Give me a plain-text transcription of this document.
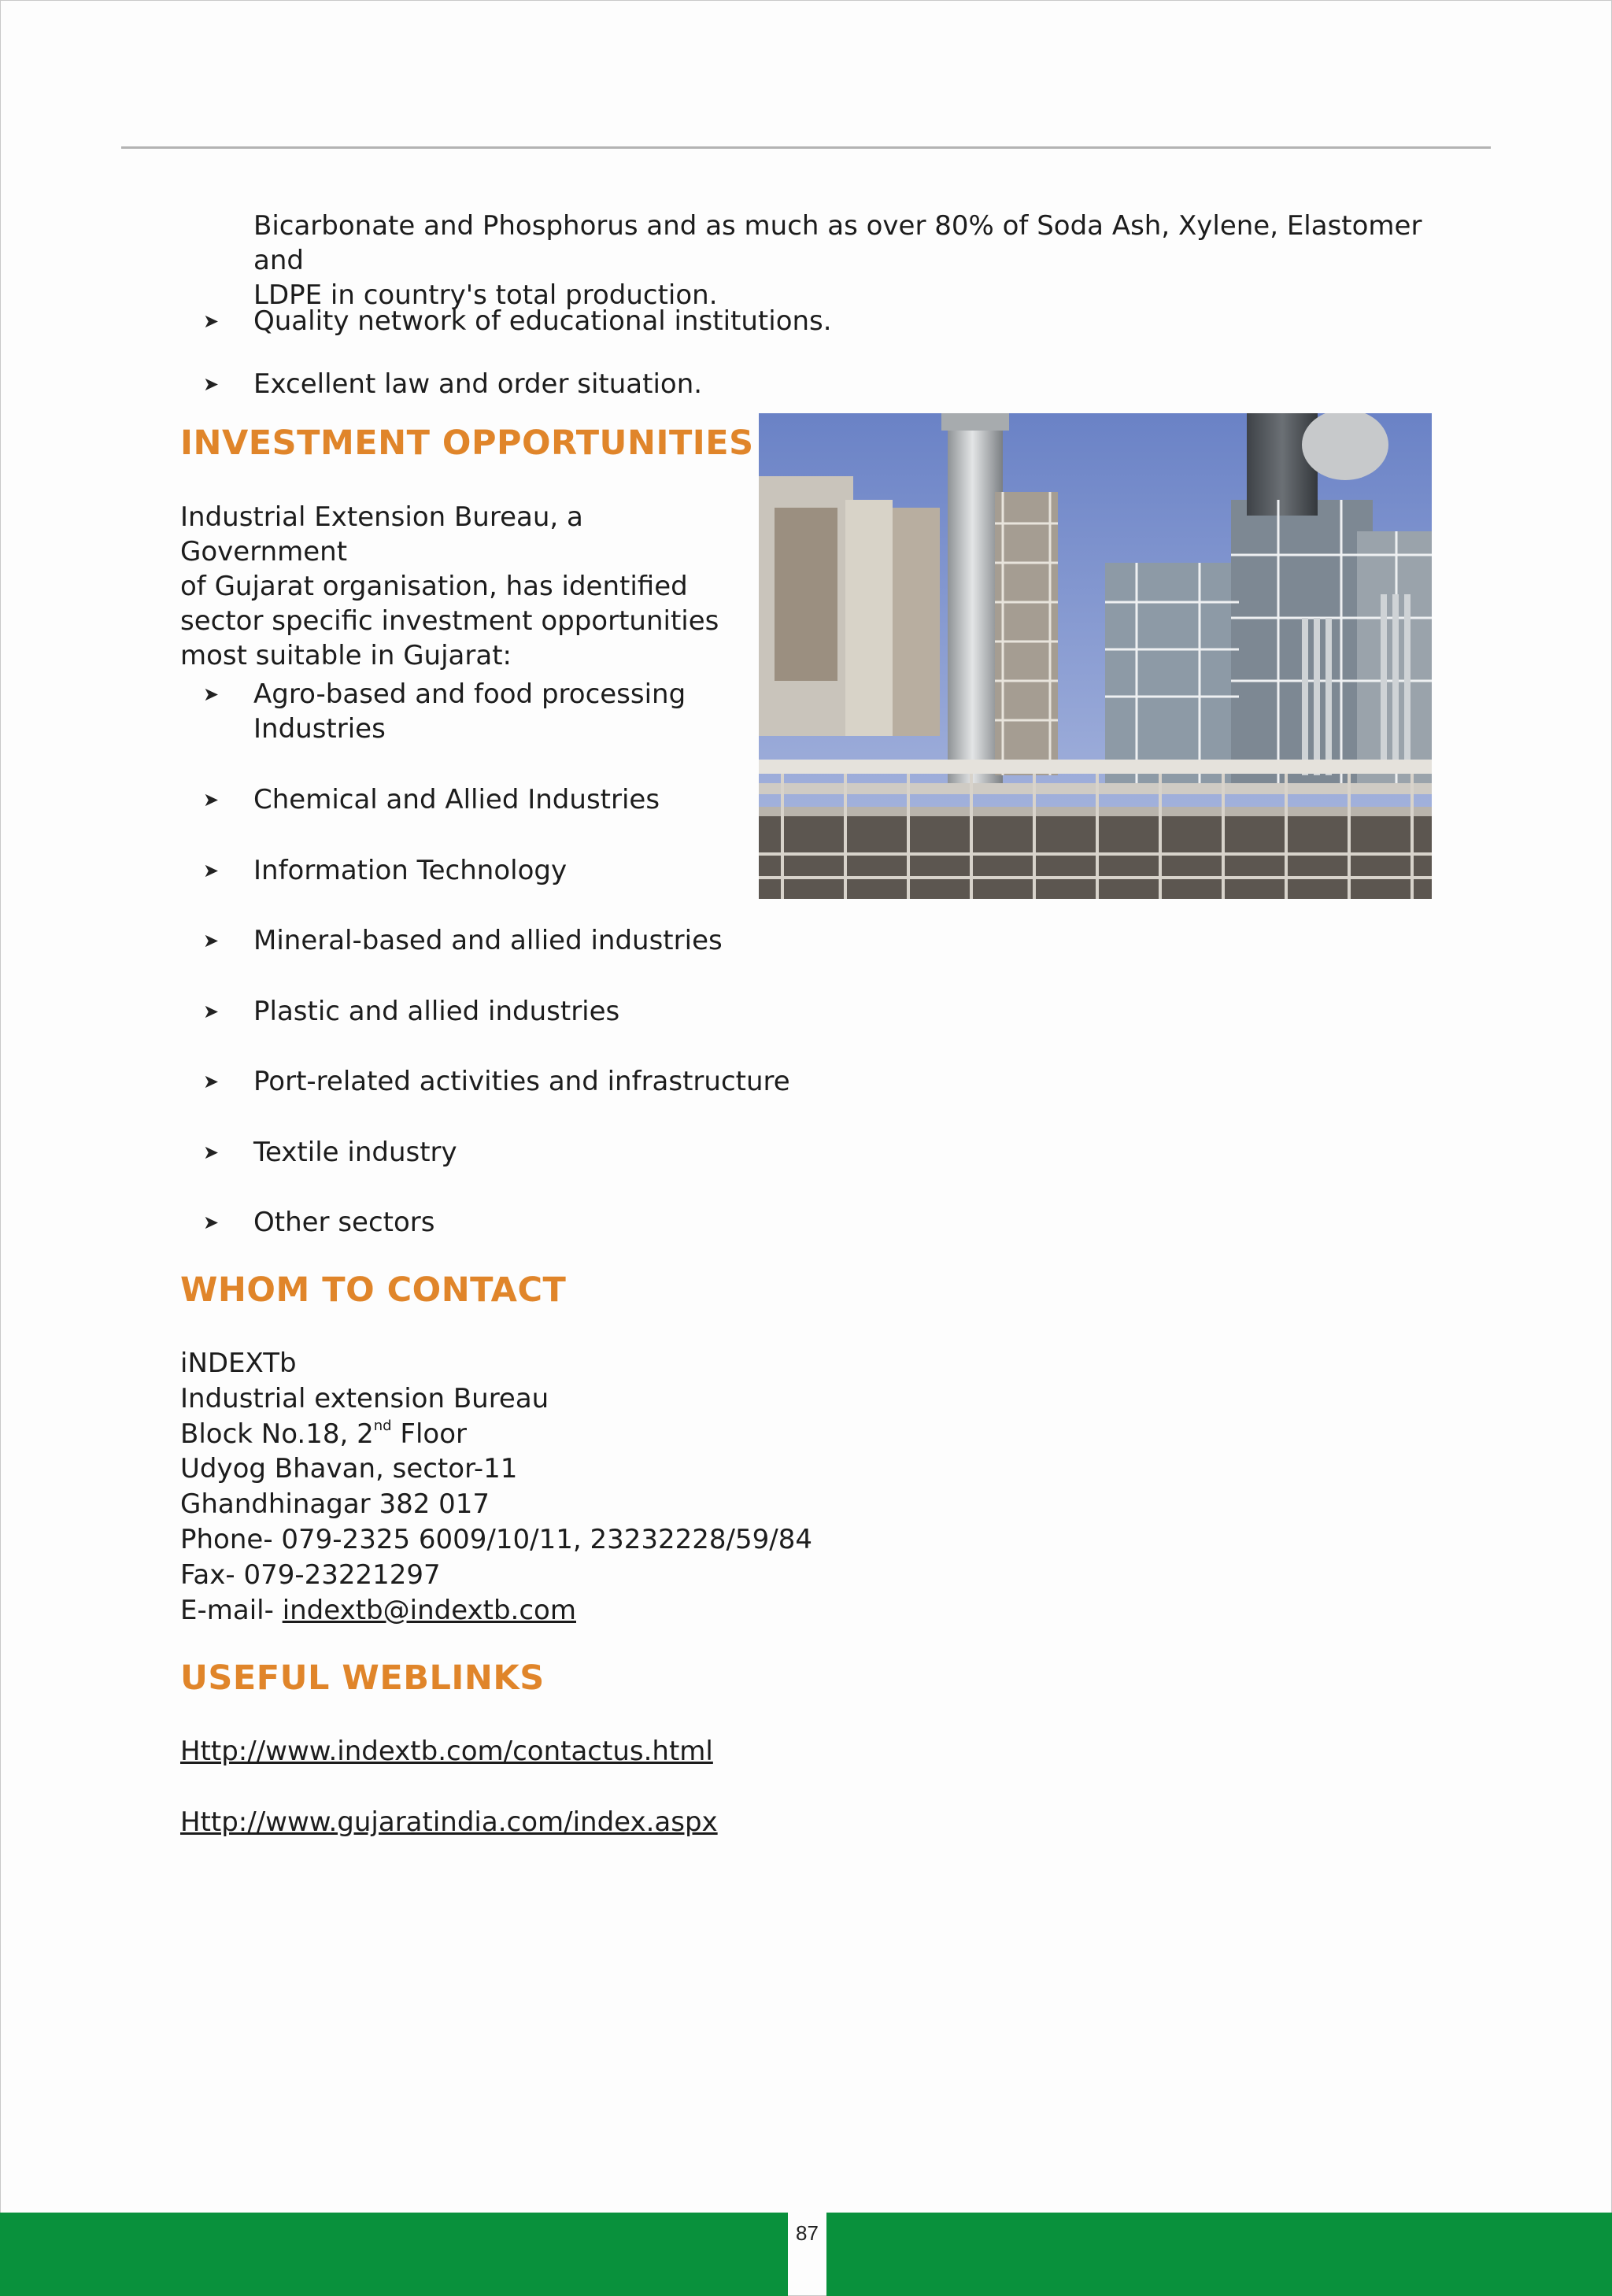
Bicarbonate and Phosphorus and as much as over 80% of Soda Ash, Xylene, Elastomer and
LDPE in country's total production.
➤ Quality network of educational institutions.
➤ Excellent law and order situation.
INVESTMENT OPPORTUNITIES
Industrial Extension Bureau, a Government
of Gujarat organisation, has identified
sector specific investment opportunities
most suitable in Gujarat:
➤ Agro-based and food processing
Industries
➤ Chemical and Allied Industries
➤ Information Technology
➤ Mineral-based and allied industries
➤ Plastic and allied industries
➤ Port-related activities and infrastructure
➤ Textile industry
➤ Other sectors
WHOM TO CONTACT
iNDEXTb
Industrial extension Bureau
Block No.18, 2nd Floor
Udyog Bhavan, sector-11
Ghandhinagar 382 017
Phone- 079-2325 6009/10/11, 23232228/59/84
Fax- 079-23221297
E-mail- indextb@indextb.com
USEFUL WEBLINKS
Http://www.indextb.com/contactus.html
Http://www.gujaratindia.com/index.aspx
87
